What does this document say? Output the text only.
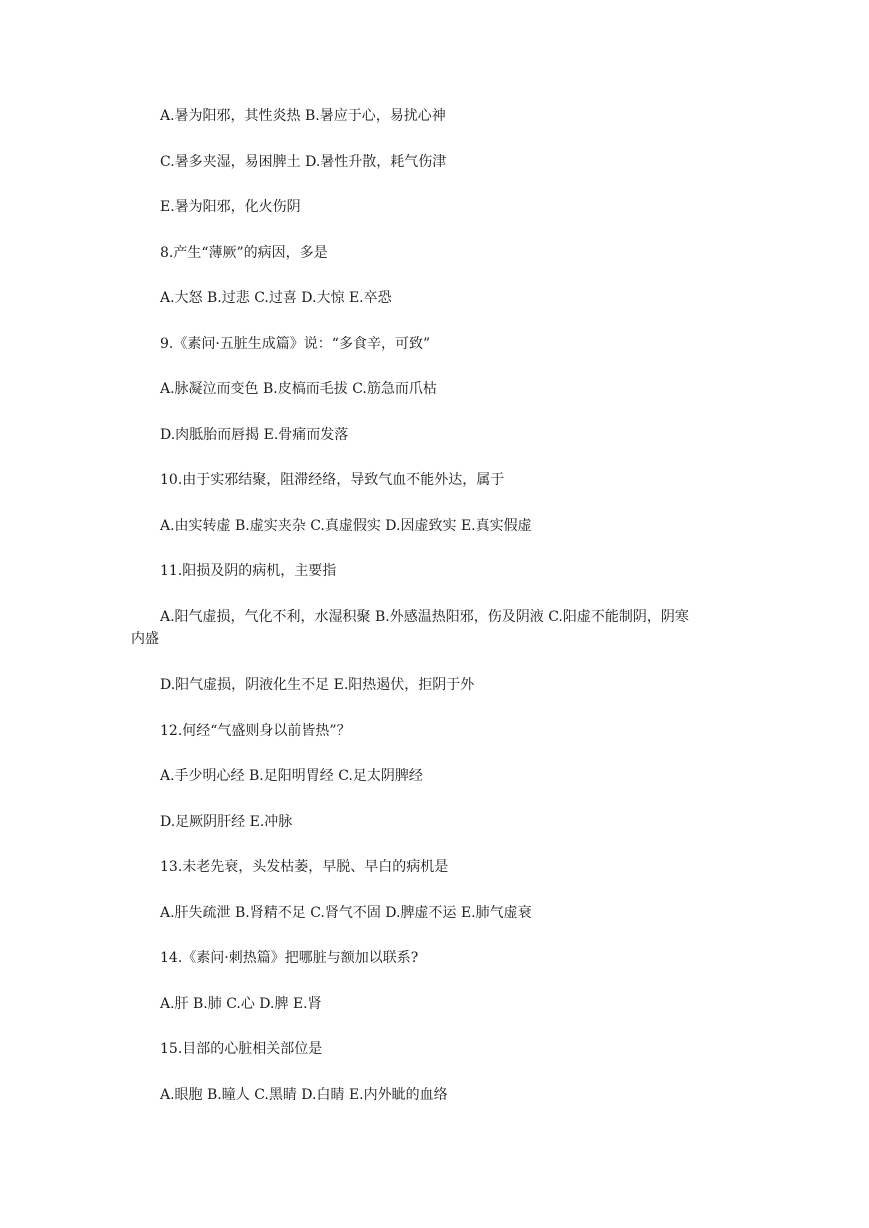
A.暑为阳邪，其性炎热 B.暑应于心，易扰心神
C.暑多夹湿，易困脾土 D.暑性升散，耗气伤津
E.暑为阳邪，化火伤阴
8.产生“薄厥”的病因，多是
A.大怒 B.过悲 C.过喜 D.大惊 E.卒恐
9.《素问·五脏生成篇》说：“多食辛，可致”
A.脉凝泣而变色 B.皮槁而毛拔 C.筋急而爪枯
D.肉胝胎而唇揭 E.骨痛而发落
10.由于实邪结聚，阻滞经络，导致气血不能外达，属于
A.由实转虚 B.虚实夹杂 C.真虚假实 D.因虚致实 E.真实假虚
11.阳损及阴的病机，主要指
A.阳气虚损，气化不利，水湿积聚 B.外感温热阳邪，伤及阴液 C.阳虚不能制阴，阴寒
内盛
D.阳气虚损，阴液化生不足 E.阳热遏伏，拒阴于外
12.何经“气盛则身以前皆热”？
A.手少明心经 B.足阳明胃经 C.足太阴脾经
D.足厥阴肝经 E.冲脉
13.未老先衰，头发枯萎，早脱、早白的病机是
A.肝失疏泄 B.肾精不足 C.肾气不固 D.脾虚不运 E.肺气虚衰
14.《素问·刺热篇》把哪脏与额加以联系?
A.肝 B.肺 C.心 D.脾 E.肾
15.目部的心脏相关部位是
A.眼胞 B.瞳人 C.黑睛 D.白睛 E.内外眦的血络
